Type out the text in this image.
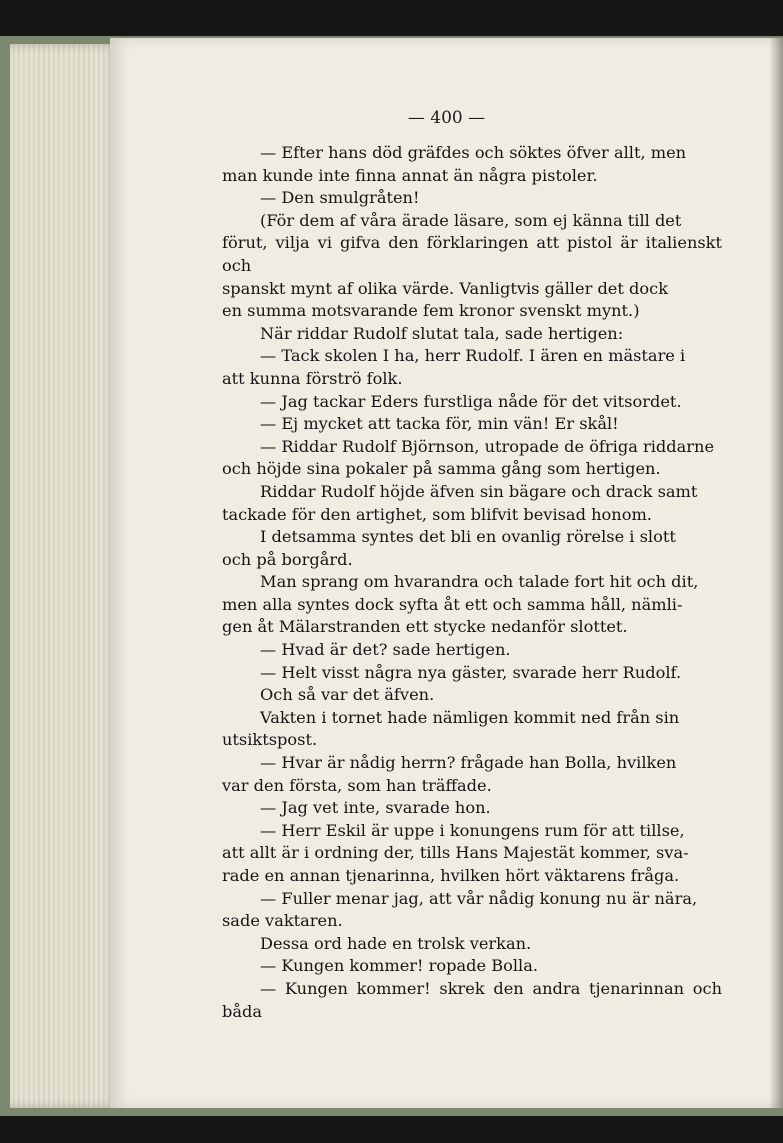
— 400 —

— Efter hans död gräfdes och söktes öfver allt, men

man kunde inte finna annat än några pistoler.

— Den smulgråten!

(För dem af våra ärade läsare, som ej känna till det

förut, vilja vi gifva den förklaringen att pistol är italienskt och

spanskt mynt af olika värde. Vanligtvis gäller det dock

en summa motsvarande fem kronor svenskt mynt.)

När riddar Rudolf slutat tala, sade hertigen:

— Tack skolen I ha, herr Rudolf. I ären en mästare i

att kunna förströ folk.

— Jag tackar Eders furstliga nåde för det vitsordet.

— Ej mycket att tacka för, min vän! Er skål!

— Riddar Rudolf Björnson, utropade de öfriga riddarne

och höjde sina pokaler på samma gång som hertigen.

Riddar Rudolf höjde äfven sin bägare och drack samt

tackade för den artighet, som blifvit bevisad honom.

I detsamma syntes det bli en ovanlig rörelse i slott

och på borgård.

Man sprang om hvarandra och talade fort hit och dit,

men alla syntes dock syfta åt ett och samma håll, nämli-

gen åt Mälarstranden ett stycke nedanför slottet.

— Hvad är det? sade hertigen.

— Helt visst några nya gäster, svarade herr Rudolf.

Och så var det äfven.

Vakten i tornet hade nämligen kommit ned från sin

utsiktspost.

— Hvar är nådig herrn? frågade han Bolla, hvilken

var den första, som han träffade.

— Jag vet inte, svarade hon.

— Herr Eskil är uppe i konungens rum för att tillse,

att allt är i ordning der, tills Hans Majestät kommer, sva-

rade en annan tjenarinna, hvilken hört väktarens fråga.

— Fuller menar jag, att vår nådig konung nu är nära,

sade vaktaren.

Dessa ord hade en trolsk verkan.

— Kungen kommer! ropade Bolla.

— Kungen kommer! skrek den andra tjenarinnan och båda
